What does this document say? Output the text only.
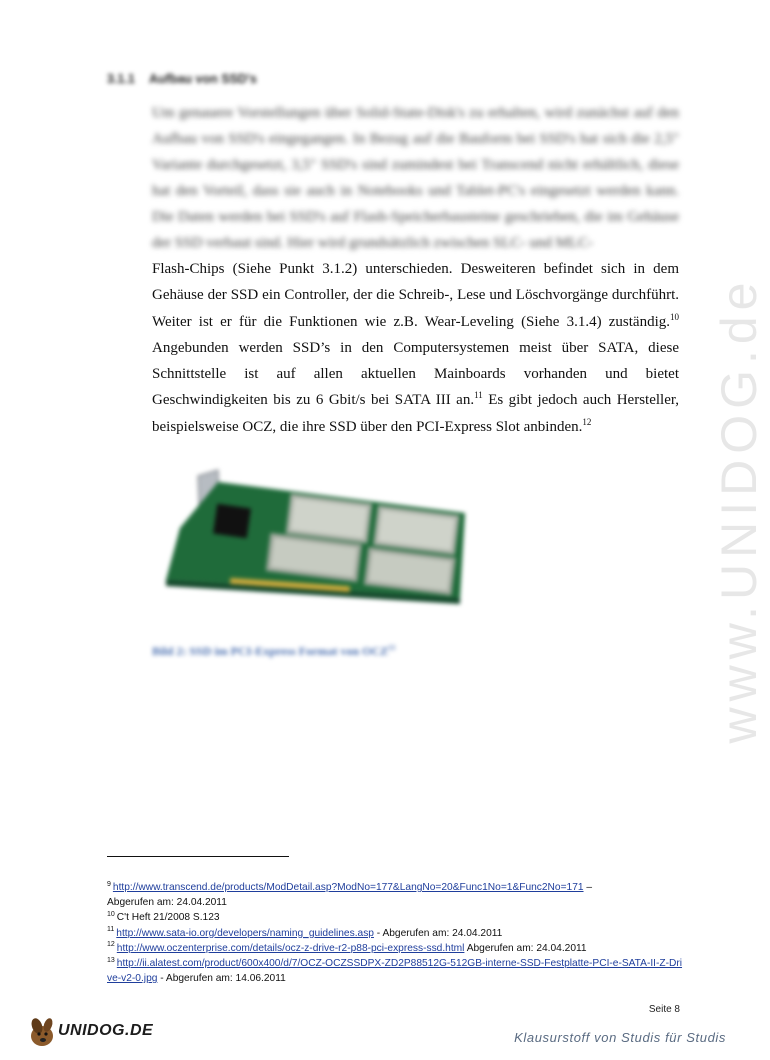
3.1.1 Aufbau von SSD's
Um genauere Vorstellungen über Solid-State-Disk's zu erhalten, wird zunächst auf den Aufbau von SSD's eingegangen. In Bezug auf die Bauform bei SSD's hat sich die 2,5" Variante durchgesetzt, 3,5" SSD's sind zumindest bei Transcend nicht erhältlich, diese hat den Vorteil, dass sie auch in Notebooks und Tablet-PC's eingesetzt werden kann. Die Daten werden bei SSD's auf Flash-Speicherbausteine geschrieben, die im Gehäuse der SSD verbaut sind. Hier wird grundsätzlich zwischen SLC- und MLC-
Flash-Chips (Siehe Punkt 3.1.2) unterschieden. Desweiteren befindet sich in dem Gehäuse der SSD ein Controller, der die Schreib-, Lese und Löschvorgänge durchführt. Weiter ist er für die Funktionen wie z.B. Wear-Leveling (Siehe 3.1.4) zuständig.$^{10}$ Angebunden werden SSD’s in den Computersystemen meist über SATA, diese Schnittstelle ist auf allen aktuellen Mainboards vorhanden und bietet Geschwindigkeiten bis zu 6 Gbit/s bei SATA III an.$^{11}$ Es gibt jedoch auch Hersteller, beispielsweise OCZ, die ihre SSD über den PCI-Express Slot anbinden.$^{12}$
Bild 2: SSD im PCI-Express Format von OCZ$^{13}$	www.UNIDOG.de
$^9$ http://www.transcend.de/products/ModDetail.asp?ModNo=177&LangNo=20&Func1No=1&Func2No=171 –
Abgerufen am: 24.04.2011
$^{10}$ C't Heft 21/2008 S.123
$^{11}$ http://www.sata-io.org/developers/naming_guidelines.asp - Abgerufen am: 24.04.2011
$^{12}$ http://www.oczenterprise.com/details/ocz-z-drive-r2-p88-pci-express-ssd.html Abgerufen am: 24.04.2011
$^{13}$ http://ii.alatest.com/product/600x400/d/7/OCZ-OCZSSDPX-ZD2P88512G-512GB-interne-SSD-Festplatte-PCI-e-SATA-II-Z-Drive-v2-0.jpg - Abgerufen am: 14.06.2011
Seite 8
UNIDOG.DE	Klausurstoff von Studis für Studis
